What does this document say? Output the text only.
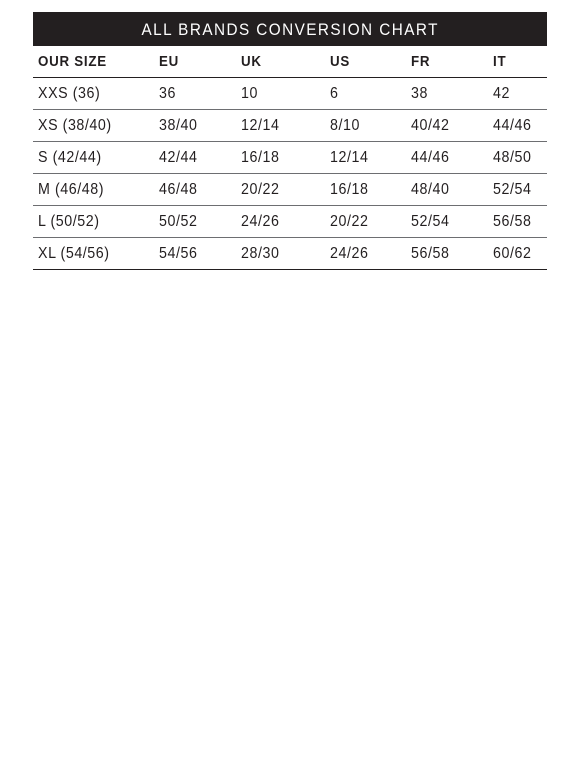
ALL BRANDS CONVERSION CHART
OUR SIZE	EU	UK	US	FR	IT
XXS (36)	36	10	6	38	42
XS (38/40)	38/40	12/14	8/10	40/42	44/46
S (42/44)	42/44	16/18	12/14	44/46	48/50
M (46/48)	46/48	20/22	16/18	48/40	52/54
L (50/52)	50/52	24/26	20/22	52/54	56/58
XL (54/56)	54/56	28/30	24/26	56/58	60/62
